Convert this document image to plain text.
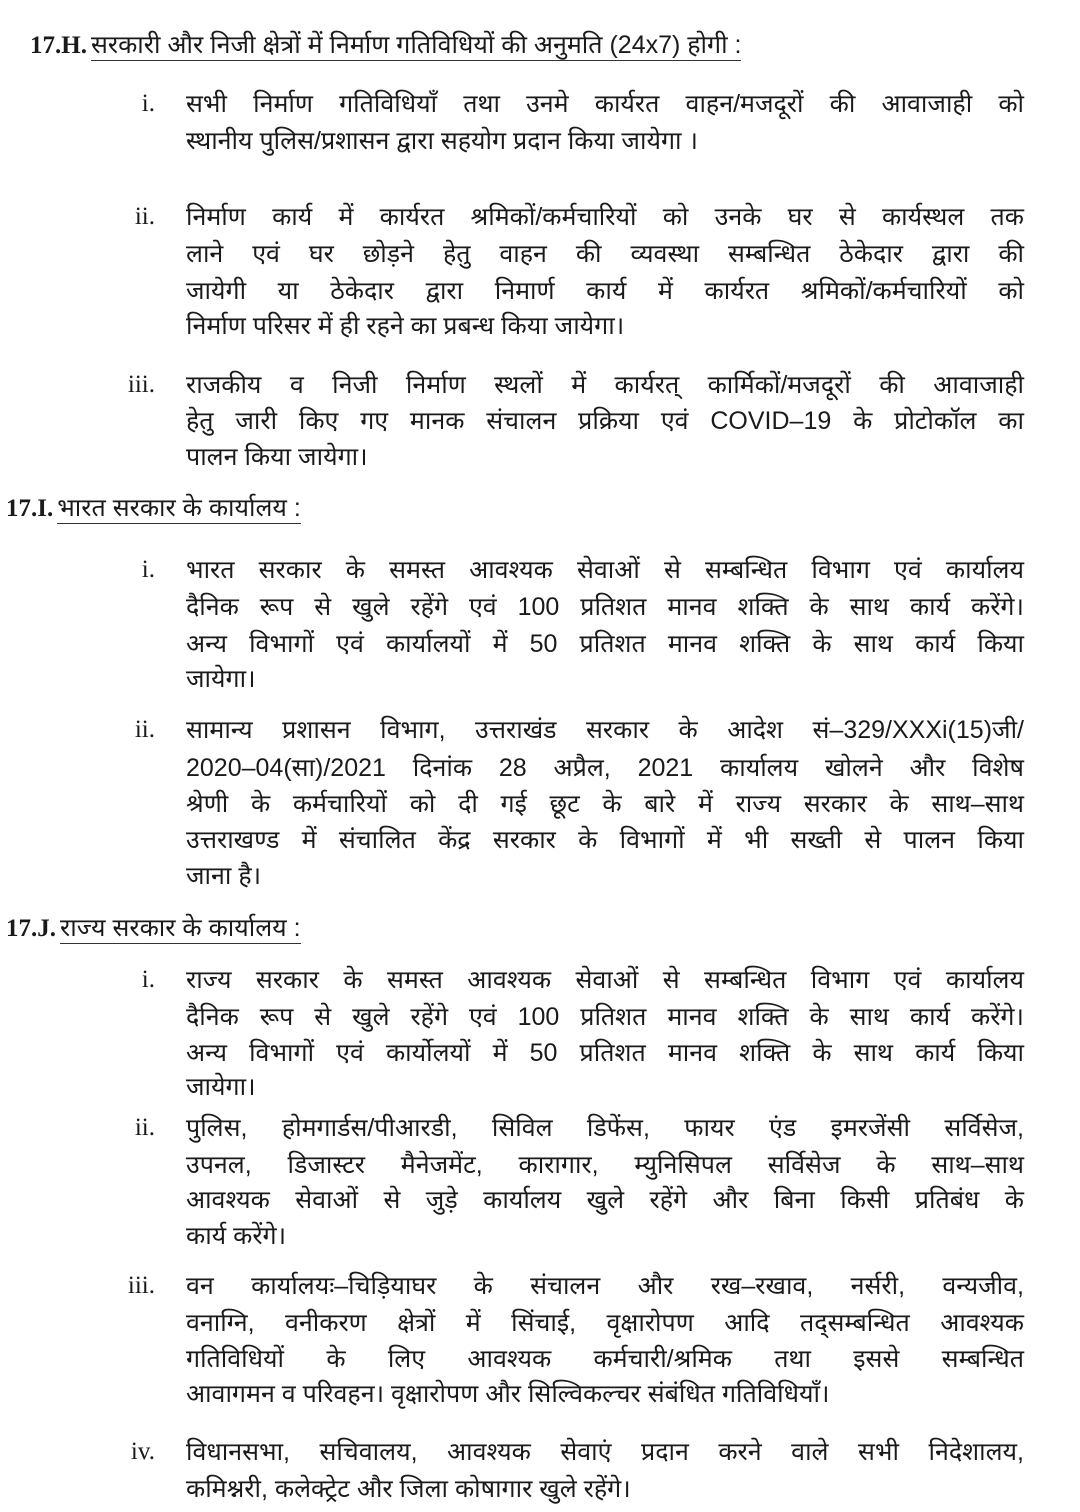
17.H. सरकारी और निजी क्षेत्रों में निर्माण गतिविधियों की अनुमति (24x7) होगी :
i. सभी निर्माण गतिविधियाँ तथा उनमे कार्यरत वाहन/मजदूरों की आवाजाही को
स्थानीय पुलिस/प्रशासन द्वारा सहयोग प्रदान किया जायेगा ।
ii. निर्माण कार्य में कार्यरत श्रमिकों/कर्मचारियों को उनके घर से कार्यस्थल तक
लाने एवं घर छोड़ने हेतु वाहन की व्यवस्था सम्बन्धित ठेकेदार द्वारा की
जायेगी या ठेकेदार द्वारा निमार्ण कार्य में कार्यरत श्रमिकों/कर्मचारियों को
निर्माण परिसर में ही रहने का प्रबन्ध किया जायेगा।
iii. राजकीय व निजी निर्माण स्थलों में कार्यरत् कार्मिकों/मजदूरों की आवाजाही
हेतु जारी किए गए मानक संचालन प्रक्रिया एवं COVID–19 के प्रोटोकॉल का
पालन किया जायेगा।
17.I. भारत सरकार के कार्यालय :
i. भारत सरकार के समस्त आवश्यक सेवाओं से सम्बन्धित विभाग एवं कार्यालय
दैनिक रूप से खुले रहेंगे एवं 100 प्रतिशत मानव शक्ति के साथ कार्य करेंगे।
अन्य विभागों एवं कार्यालयों में 50 प्रतिशत मानव शक्ति के साथ कार्य किया
जायेगा।
ii. सामान्य प्रशासन विभाग, उत्तराखंड सरकार के आदेश सं–329/XXXi(15)जी/
2020–04(सा)/2021 दिनांक 28 अप्रैल, 2021 कार्यालय खोलने और विशेष
श्रेणी के कर्मचारियों को दी गई छूट के बारे में राज्य सरकार के साथ–साथ
उत्तराखण्ड में संचालित केंद्र सरकार के विभागों में भी सख्ती से पालन किया
जाना है।
17.J. राज्य सरकार के कार्यालय :
i. राज्य सरकार के समस्त आवश्यक सेवाओं से सम्बन्धित विभाग एवं कार्यालय
दैनिक रूप से खुले रहेंगे एवं 100 प्रतिशत मानव शक्ति के साथ कार्य करेंगे।
अन्य विभागों एवं कार्योलयों में 50 प्रतिशत मानव शक्ति के साथ कार्य किया
जायेगा।
ii. पुलिस, होमगार्डस/पीआरडी, सिविल डिफेंस, फायर एंड इमरजेंसी सर्विसेज,
उपनल, डिजास्टर मैनेजमेंट, कारागार, म्युनिसिपल सर्विसेज के साथ–साथ
आवश्यक सेवाओं से जुड़े कार्यालय खुले रहेंगे और बिना किसी प्रतिबंध के
कार्य करेंगे।
iii. वन कार्यालयः–चिड़ियाघर के संचालन और रख–रखाव, नर्सरी, वन्यजीव,
वनाग्नि, वनीकरण क्षेत्रों में सिंचाई, वृक्षारोपण आदि तद्सम्बन्धित आवश्यक
गतिविधियों के लिए आवश्यक कर्मचारी/श्रमिक तथा इससे सम्बन्धित
आवागमन व परिवहन। वृक्षारोपण और सिल्विकल्चर संबंधित गतिविधियाँ।
iv. विधानसभा, सचिवालय, आवश्यक सेवाएं प्रदान करने वाले सभी निदेशालय,
कमिश्नरी, कलेक्ट्रेट और जिला कोषागार खुले रहेंगे।
